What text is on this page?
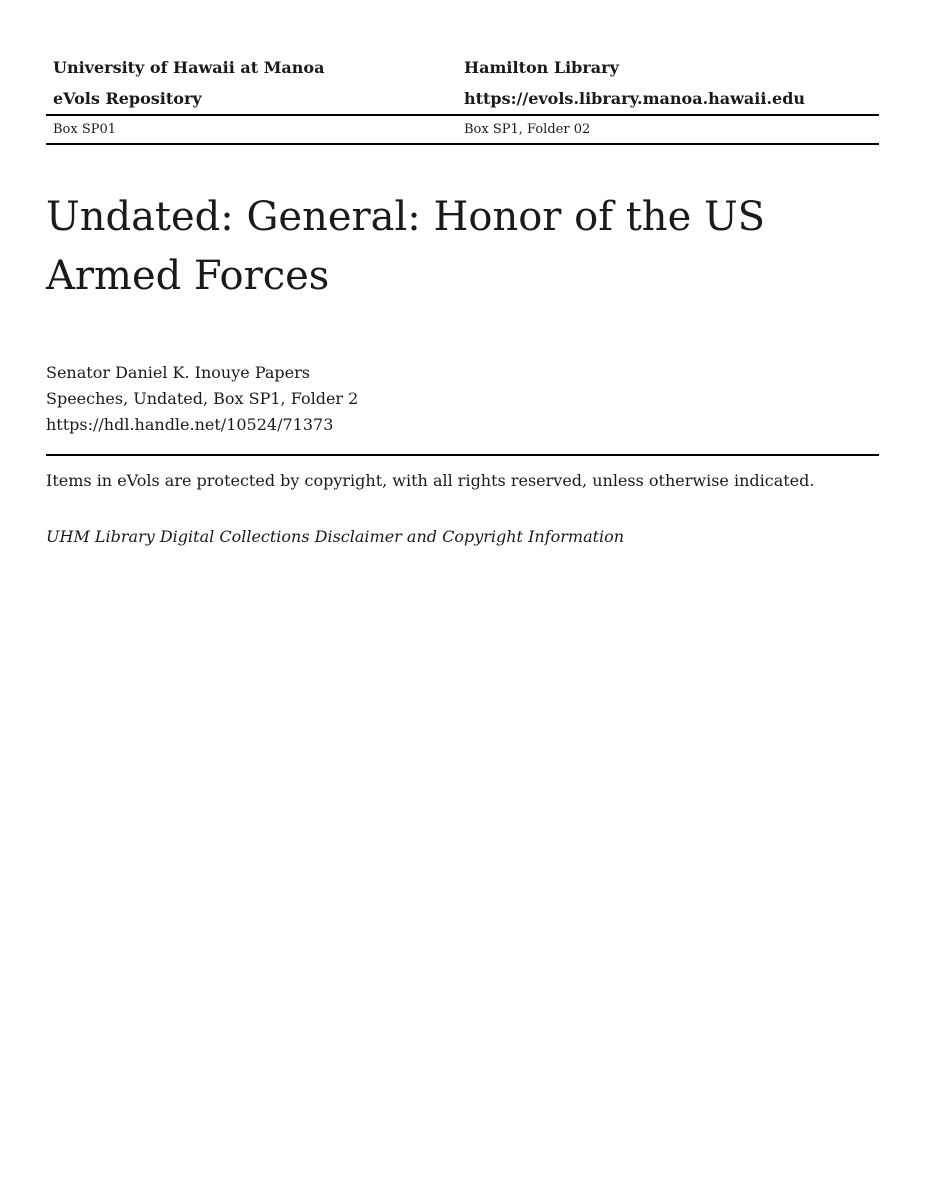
University of Hawaii at Manoa	Hamilton Library
eVols Repository	https://evols.library.manoa.hawaii.edu
Box SP01	Box SP1, Folder 02
Undated: General: Honor of the US Armed Forces
Senator Daniel K. Inouye Papers
Speeches, Undated, Box SP1, Folder 2
https://hdl.handle.net/10524/71373
Items in eVols are protected by copyright, with all rights reserved, unless otherwise indicated.
UHM Library Digital Collections Disclaimer and Copyright Information
